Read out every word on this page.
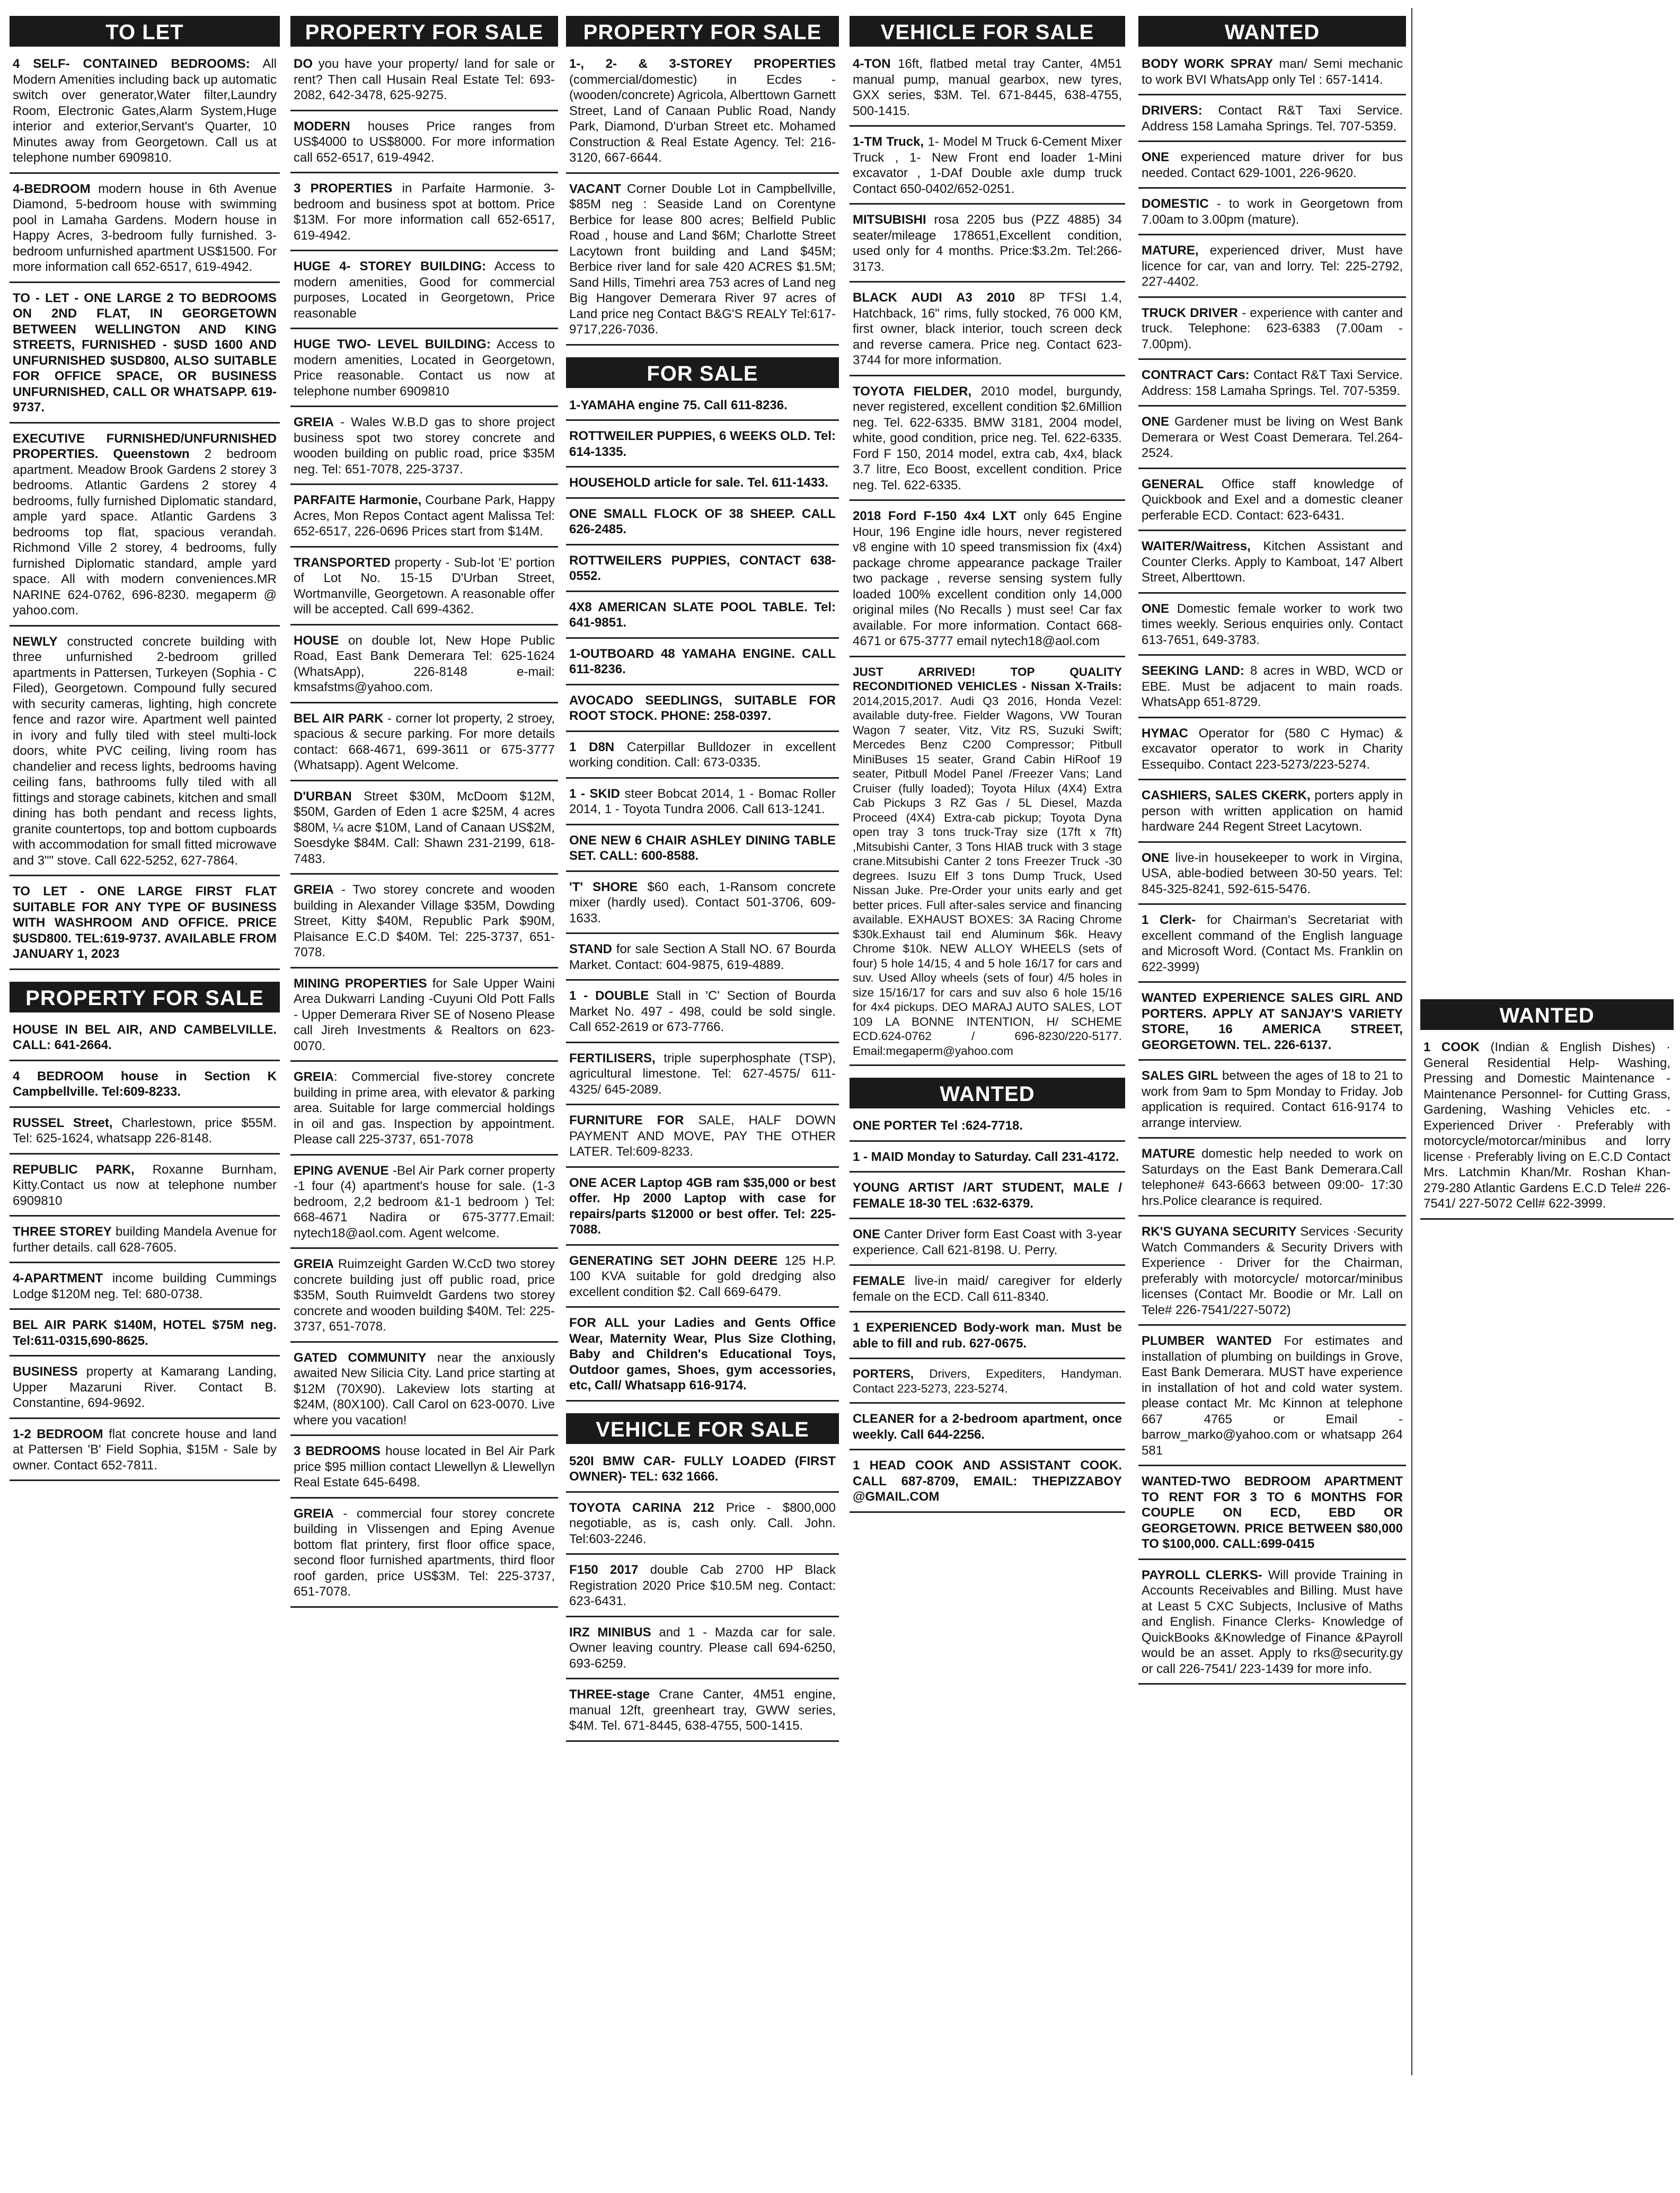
TO LET
4 SELF- CONTAINED BEDROOMS: All Modern Amenities including back up automatic switch over generator,Water filter,Laundry Room, Electronic Gates,Alarm System,Huge interior and exterior,Servant's Quarter, 10 Minutes away from Georgetown. Call us at telephone number 6909810.
4-BEDROOM modern house in 6th Avenue Diamond, 5-bedroom house with swimming pool in Lamaha Gardens. Modern house in Happy Acres, 3-bedroom fully furnished. 3-bedroom unfurnished apartment US$1500. For more information call 652-6517, 619-4942.
TO - LET - ONE LARGE 2 TO BEDROOMS ON 2ND FLAT, IN GEORGETOWN BETWEEN WELLINGTON AND KING STREETS, FURNISHED - $USD 1600 AND UNFURNISHED $USD800, ALSO SUITABLE FOR OFFICE SPACE, OR BUSINESS UNFURNISHED, CALL OR WHATSAPP. 619-9737.
EXECUTIVE FURNISHED/UNFURNISHED PROPERTIES. Queenstown 2 bedroom apartment. Meadow Brook Gardens 2 storey 3 bedrooms. Atlantic Gardens 2 storey 4 bedrooms, fully furnished Diplomatic standard, ample yard space. Atlantic Gardens 3 bedrooms top flat, spacious verandah. Richmond Ville 2 storey, 4 bedrooms, fully furnished Diplomatic standard, ample yard space. All with modern conveniences.MR NARINE 624-0762, 696-8230. megaperm @ yahoo.com.
NEWLY constructed concrete building with three unfurnished 2-bedroom grilled apartments in Pattersen, Turkeyen (Sophia - C Filed), Georgetown. Compound fully secured with security cameras, lighting, high concrete fence and razor wire. Apartment well painted in ivory and fully tiled with steel multi-lock doors, white PVC ceiling, living room has chandelier and recess lights, bedrooms having ceiling fans, bathrooms fully tiled with all fittings and storage cabinets, kitchen and small dining has both pendant and recess lights, granite countertops, top and bottom cupboards with accommodation for small fitted microwave and 3"" stove. Call 622-5252, 627-7864.
TO LET - ONE LARGE FIRST FLAT SUITABLE FOR ANY TYPE OF BUSINESS WITH WASHROOM AND OFFICE. PRICE $USD800. TEL:619-9737. AVAILABLE FROM JANUARY 1, 2023
PROPERTY FOR SALE
HOUSE IN BEL AIR, AND CAMBELVILLE. CALL: 641-2664.
4 BEDROOM house in Section K Campbellville. Tel:609-8233.
RUSSEL Street, Charlestown, price $55M. Tel: 625-1624, whatsapp 226-8148.
REPUBLIC PARK, Roxanne Burnham, Kitty.Contact us now at telephone number 6909810
THREE STOREY building Mandela Avenue for further details. call 628-7605.
4-APARTMENT income building Cummings Lodge $120M neg. Tel: 680-0738.
BEL AIR PARK $140M, HOTEL $75M neg. Tel:611-0315,690-8625.
BUSINESS property at Kamarang Landing, Upper Mazaruni River. Contact B. Constantine, 694-9692.
1-2 BEDROOM flat concrete house and land at Pattersen 'B' Field Sophia, $15M - Sale by owner. Contact 652-7811.
PROPERTY FOR SALE
DO you have your property/ land for sale or rent? Then call Husain Real Estate Tel: 693-2082, 642-3478, 625-9275.
MODERN houses Price ranges from US$4000 to US$8000. For more information call 652-6517, 619-4942.
3 PROPERTIES in Parfaite Harmonie. 3-bedroom and business spot at bottom. Price $13M. For more information call 652-6517, 619-4942.
HUGE 4- STOREY BUILDING: Access to modern amenities, Good for commercial purposes, Located in Georgetown, Price reasonable
HUGE TWO- LEVEL BUILDING: Access to modern amenities, Located in Georgetown, Price reasonable. Contact us now at telephone number 6909810
GREIA - Wales W.B.D gas to shore project business spot two storey concrete and wooden building on public road, price $35M neg. Tel: 651-7078, 225-3737.
PARFAITE Harmonie, Courbane Park, Happy Acres, Mon Repos Contact agent Malissa Tel: 652-6517, 226-0696 Prices start from $14M.
TRANSPORTED property - Sub-lot 'E' portion of Lot No. 15-15 D'Urban Street, Wortmanville, Georgetown. A reasonable offer will be accepted. Call 699-4362.
HOUSE on double lot, New Hope Public Road, East Bank Demerara Tel: 625-1624 (WhatsApp), 226-8148 e-mail: kmsafstms@yahoo.com.
BEL AIR PARK - corner lot property, 2 stroey, spacious & secure parking. For more details contact: 668-4671, 699-3611 or 675-3777 (Whatsapp). Agent Welcome.
D'URBAN Street $30M, McDoom $12M, $50M, Garden of Eden 1 acre $25M, 4 acres $80M, ¼ acre $10M, Land of Canaan US$2M, Soesdyke $84M. Call: Shawn 231-2199, 618-7483.
GREIA - Two storey concrete and wooden building in Alexander Village $35M, Dowding Street, Kitty $40M, Republic Park $90M, Plaisance E.C.D $40M. Tel: 225-3737, 651-7078.
MINING PROPERTIES for Sale Upper Waini Area Dukwarri Landing -Cuyuni Old Pott Falls - Upper Demerara River SE of Noseno Please call Jireh Investments & Realtors on 623-0070.
GREIA: Commercial five-storey concrete building in prime area, with elevator & parking area. Suitable for large commercial holdings in oil and gas. Inspection by appointment. Please call 225-3737, 651-7078
EPING AVENUE -Bel Air Park corner property -1 four (4) apartment's house for sale. (1-3 bedroom, 2,2 bedroom &1-1 bedroom ) Tel: 668-4671 Nadira or 675-3777.Email: nytech18@aol.com. Agent welcome.
GREIA Ruimzeight Garden W.CcD two storey concrete building just off public road, price $35M, South Ruimveldt Gardens two storey concrete and wooden building $40M. Tel: 225-3737, 651-7078.
GATED COMMUNITY near the anxiously awaited New Silicia City. Land price starting at $12M (70X90). Lakeview lots starting at $24M, (80X100). Call Carol on 623-0070. Live where you vacation!
3 BEDROOMS house located in Bel Air Park price $95 million contact Llewellyn & Llewellyn Real Estate 645-6498.
GREIA - commercial four storey concrete building in Vlissengen and Eping Avenue bottom flat printery, first floor office space, second floor furnished apartments, third floor roof garden, price US$3M. Tel: 225-3737, 651-7078.
PROPERTY FOR SALE
1-, 2- & 3-STOREY PROPERTIES (commercial/domestic) in Ecdes - (wooden/concrete) Agricola, Alberttown Garnett Street, Land of Canaan Public Road, Nandy Park, Diamond, D'urban Street etc. Mohamed Construction & Real Estate Agency. Tel: 216-3120, 667-6644.
VACANT Corner Double Lot in Campbellville, $85M neg : Seaside Land on Corentyne Berbice for lease 800 acres; Belfield Public Road , house and Land $6M; Charlotte Street Lacytown front building and Land $45M; Berbice river land for sale 420 ACRES $1.5M; Sand Hills, Timehri area 753 acres of Land neg Big Hangover Demerara River 97 acres of Land price neg Contact B&G'S REALY Tel:617-9717,226-7036.
FOR SALE
1-YAMAHA engine 75. Call 611-8236.
ROTTWEILER PUPPIES, 6 WEEKS OLD. Tel: 614-1335.
HOUSEHOLD article for sale. Tel. 611-1433.
ONE SMALL FLOCK OF 38 SHEEP. CALL 626-2485.
ROTTWEILERS PUPPIES, CONTACT 638-0552.
4X8 AMERICAN SLATE POOL TABLE. Tel: 641-9851.
1-OUTBOARD 48 YAMAHA ENGINE. CALL 611-8236.
AVOCADO SEEDLINGS, SUITABLE FOR ROOT STOCK. PHONE: 258-0397.
1 D8N Caterpillar Bulldozer in excellent working condition. Call: 673-0335.
1 - SKID steer Bobcat 2014, 1 - Bomac Roller 2014, 1 - Toyota Tundra 2006. Call 613-1241.
ONE NEW 6 CHAIR ASHLEY DINING TABLE SET. CALL: 600-8588.
'T' SHORE $60 each, 1-Ransom concrete mixer (hardly used). Contact 501-3706, 609-1633.
STAND for sale Section A Stall NO. 67 Bourda Market. Contact: 604-9875, 619-4889.
1 - DOUBLE Stall in 'C' Section of Bourda Market No. 497 - 498, could be sold single. Call 652-2619 or 673-7766.
FERTILISERS, triple superphosphate (TSP), agricultural limestone. Tel: 627-4575/ 611-4325/ 645-2089.
FURNITURE FOR SALE, HALF DOWN PAYMENT AND MOVE, PAY THE OTHER LATER. Tel:609-8233.
ONE ACER Laptop 4GB ram $35,000 or best offer. Hp 2000 Laptop with case for repairs/parts $12000 or best offer. Tel: 225-7088.
GENERATING SET JOHN DEERE 125 H.P. 100 KVA suitable for gold dredging also excellent condition $2. Call 669-6479.
FOR ALL your Ladies and Gents Office Wear, Maternity Wear, Plus Size Clothing, Baby and Children's Educational Toys, Outdoor games, Shoes, gym accessories, etc, Call/ Whatsapp 616-9174.
VEHICLE FOR SALE
520I BMW CAR- FULLY LOADED (FIRST OWNER)- TEL: 632 1666.
TOYOTA CARINA 212 Price - $800,000 negotiable, as is, cash only. Call. John. Tel:603-2246.
F150 2017 double Cab 2700 HP Black Registration 2020 Price $10.5M neg. Contact: 623-6431.
IRZ MINIBUS and 1 - Mazda car for sale. Owner leaving country. Please call 694-6250, 693-6259.
THREE-stage Crane Canter, 4M51 engine, manual 12ft, greenheart tray, GWW series, $4M. Tel. 671-8445, 638-4755, 500-1415.
VEHICLE FOR SALE
4-TON 16ft, flatbed metal tray Canter, 4M51 manual pump, manual gearbox, new tyres, GXX series, $3M. Tel. 671-8445, 638-4755, 500-1415.
1-TM Truck, 1- Model M Truck 6-Cement Mixer Truck , 1- New Front end loader 1-Mini excavator , 1-DAf Double axle dump truck Contact 650-0402/652-0251.
MITSUBISHI rosa 2205 bus (PZZ 4885) 34 seater/mileage 178651,Excellent condition, used only for 4 months. Price:$3.2m. Tel:266-3173.
BLACK AUDI A3 2010 8P TFSI 1.4, Hatchback, 16" rims, fully stocked, 76 000 KM, first owner, black interior, touch screen deck and reverse camera. Price neg. Contact 623-3744 for more information.
TOYOTA FIELDER, 2010 model, burgundy, never registered, excellent condition $2.6Million neg. Tel. 622-6335. BMW 3181, 2004 model, white, good condition, price neg. Tel. 622-6335. Ford F 150, 2014 model, extra cab, 4x4, black 3.7 litre, Eco Boost, excellent condition. Price neg. Tel. 622-6335.
2018 Ford F-150 4x4 LXT only 645 Engine Hour, 196 Engine idle hours, never registered v8 engine with 10 speed transmission fix (4x4) package chrome appearance package Trailer two package , reverse sensing system fully loaded 100% excellent condition only 14,000 original miles (No Recalls ) must see! Car fax available. For more information. Contact 668-4671 or 675-3777 email nytech18@aol.com
JUST ARRIVED! TOP QUALITY RECONDITIONED VEHICLES - Nissan X-Trails: 2014,2015,2017. Audi Q3 2016, Honda Vezel: available duty-free. Fielder Wagons, VW Touran Wagon 7 seater, Vitz, Vitz RS, Suzuki Swift; Mercedes Benz C200 Compressor; Pitbull MiniBuses 15 seater, Grand Cabin HiRoof 19 seater, Pitbull Model Panel /Freezer Vans; Land Cruiser (fully loaded); Toyota Hilux (4X4) Extra Cab Pickups 3 RZ Gas / 5L Diesel, Mazda Proceed (4X4) Extra-cab pickup; Toyota Dyna open tray 3 tons truck-Tray size (17ft x 7ft) ,Mitsubishi Canter, 3 Tons HIAB truck with 3 stage crane.Mitsubishi Canter 2 tons Freezer Truck -30 degrees. Isuzu Elf 3 tons Dump Truck, Used Nissan Juke. Pre-Order your units early and get better prices. Full after-sales service and financing available. EXHAUST BOXES: 3A Racing Chrome $30k.Exhaust tail end Aluminum $6k. Heavy Chrome $10k. NEW ALLOY WHEELS (sets of four) 5 hole 14/15, 4 and 5 hole 16/17 for cars and suv. Used Alloy wheels (sets of four) 4/5 holes in size 15/16/17 for cars and suv also 6 hole 15/16 for 4x4 pickups. DEO MARAJ AUTO SALES, LOT 109 LA BONNE INTENTION, H/ SCHEME ECD.624-0762 / 696-8230/220-5177. Email:megaperm@yahoo.com
WANTED
ONE PORTER Tel :624-7718.
1 - MAID Monday to Saturday. Call 231-4172.
YOUNG ARTIST /ART STUDENT, MALE / FEMALE 18-30 TEL :632-6379.
ONE Canter Driver form East Coast with 3-year experience. Call 621-8198. U. Perry.
FEMALE live-in maid/ caregiver for elderly female on the ECD. Call 611-8340.
1 EXPERIENCED Body-work man. Must be able to fill and rub. 627-0675.
PORTERS, Drivers, Expediters, Handyman. Contact 223-5273, 223-5274.
CLEANER for a 2-bedroom apartment, once weekly. Call 644-2256.
1 HEAD COOK AND ASSISTANT COOK. CALL 687-8709, EMAIL: THEPIZZABOY @GMAIL.COM
WANTED
BODY WORK SPRAY man/ Semi mechanic to work BVI WhatsApp only Tel : 657-1414.
DRIVERS: Contact R&T Taxi Service. Address 158 Lamaha Springs. Tel. 707-5359.
ONE experienced mature driver for bus needed. Contact 629-1001, 226-9620.
DOMESTIC - to work in Georgetown from 7.00am to 3.00pm (mature).
MATURE, experienced driver, Must have licence for car, van and lorry. Tel: 225-2792, 227-4402.
TRUCK DRIVER - experience with canter and truck. Telephone: 623-6383 (7.00am - 7.00pm).
CONTRACT Cars: Contact R&T Taxi Service. Address: 158 Lamaha Springs. Tel. 707-5359.
ONE Gardener must be living on West Bank Demerara or West Coast Demerara. Tel.264-2524.
GENERAL Office staff knowledge of Quickbook and Exel and a domestic cleaner perferable ECD. Contact: 623-6431.
WAITER/Waitress, Kitchen Assistant and Counter Clerks. Apply to Kamboat, 147 Albert Street, Alberttown.
ONE Domestic female worker to work two times weekly. Serious enquiries only. Contact 613-7651, 649-3783.
SEEKING LAND: 8 acres in WBD, WCD or EBE. Must be adjacent to main roads. WhatsApp 651-8729.
HYMAC Operator for (580 C Hymac) & excavator operator to work in Charity Essequibo. Contact 223-5273/223-5274.
CASHIERS, SALES CKERK, porters apply in person with written application on hamid hardware 244 Regent Street Lacytown.
ONE live-in housekeeper to work in Virgina, USA, able-bodied between 30-50 years. Tel: 845-325-8241, 592-615-5476.
1 Clerk- for Chairman's Secretariat with excellent command of the English language and Microsoft Word. (Contact Ms. Franklin on 622-3999)
WANTED EXPERIENCE SALES GIRL AND PORTERS. APPLY AT SANJAY'S VARIETY STORE, 16 AMERICA STREET, GEORGETOWN. TEL. 226-6137.
SALES GIRL between the ages of 18 to 21 to work from 9am to 5pm Monday to Friday. Job application is required. Contact 616-9174 to arrange interview.
MATURE domestic help needed to work on Saturdays on the East Bank Demerara.Call telephone# 643-6663 between 09:00- 17:30 hrs.Police clearance is required.
RK'S GUYANA SECURITY Services ·Security Watch Commanders & Security Drivers with Experience · Driver for the Chairman, preferably with motorcycle/ motorcar/minibus licenses (Contact Mr. Boodie or Mr. Lall on Tele# 226-7541/227-5072)
PLUMBER WANTED For estimates and installation of plumbing on buildings in Grove, East Bank Demerara. MUST have experience in installation of hot and cold water system. please contact Mr. Mc Kinnon at telephone 667 4765 or Email - barrow_marko@yahoo.com or whatsapp 264 581
WANTED-TWO BEDROOM APARTMENT TO RENT FOR 3 TO 6 MONTHS FOR COUPLE ON ECD, EBD OR GEORGETOWN. PRICE BETWEEN $80,000 TO $100,000. CALL:699-0415
PAYROLL CLERKS- Will provide Training in Accounts Receivables and Billing. Must have at Least 5 CXC Subjects, Inclusive of Maths and English. Finance Clerks- Knowledge of QuickBooks &Knowledge of Finance &Payroll would be an asset. Apply to rks@security.gy or call 226-7541/ 223-1439 for more info.
WANTED
1 COOK (Indian & English Dishes) · General Residential Help- Washing, Pressing and Domestic Maintenance - Maintenance Personnel- for Cutting Grass, Gardening, Washing Vehicles etc. - Experienced Driver · Preferably with motorcycle/motorcar/minibus and lorry license · Preferably living on E.C.D Contact Mrs. Latchmin Khan/Mr. Roshan Khan- 279-280 Atlantic Gardens E.C.D Tele# 226-7541/ 227-5072 Cell# 622-3999.
